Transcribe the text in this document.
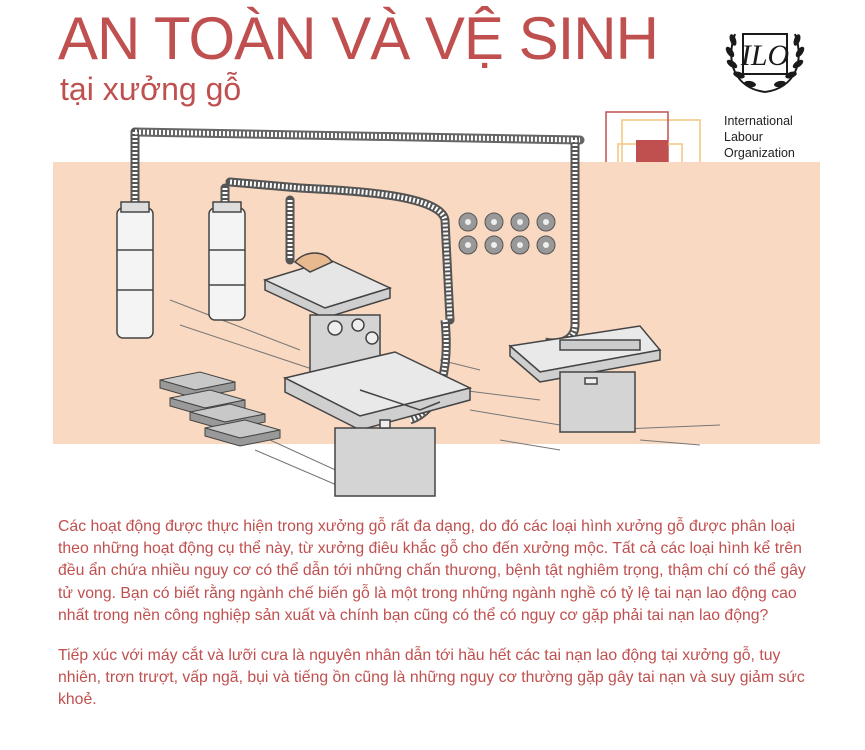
AN TOÀN VÀ VỆ SINH
tại xưởng gỗ
ILO
International
Labour
Organization

Các hoạt động được thực hiện trong xưởng gỗ rất đa dạng, do đó các loại hình xưởng gỗ được phân loại theo những hoạt động cụ thể này, từ xưởng điêu khắc gỗ cho đến xưởng mộc. Tất cả các loại hình kể trên đều ẩn chứa nhiều nguy cơ có thể dẫn tới những chấn thương, bệnh tật nghiêm trọng, thậm chí có thể gây tử vong. Bạn có biết rằng ngành chế biến gỗ là một trong những ngành nghề có tỷ lệ tai nạn lao động cao nhất trong nền công nghiệp sản xuất và chính bạn cũng có thể có nguy cơ gặp phải tai nạn lao động?

Tiếp xúc với máy cắt và lưỡi cưa là nguyên nhân dẫn tới hầu hết các tai nạn lao động tại xưởng gỗ, tuy nhiên, trơn trượt, vấp ngã, bụi và tiếng ồn cũng là những nguy cơ thường gặp gây tai nạn và suy giảm sức khoẻ.
